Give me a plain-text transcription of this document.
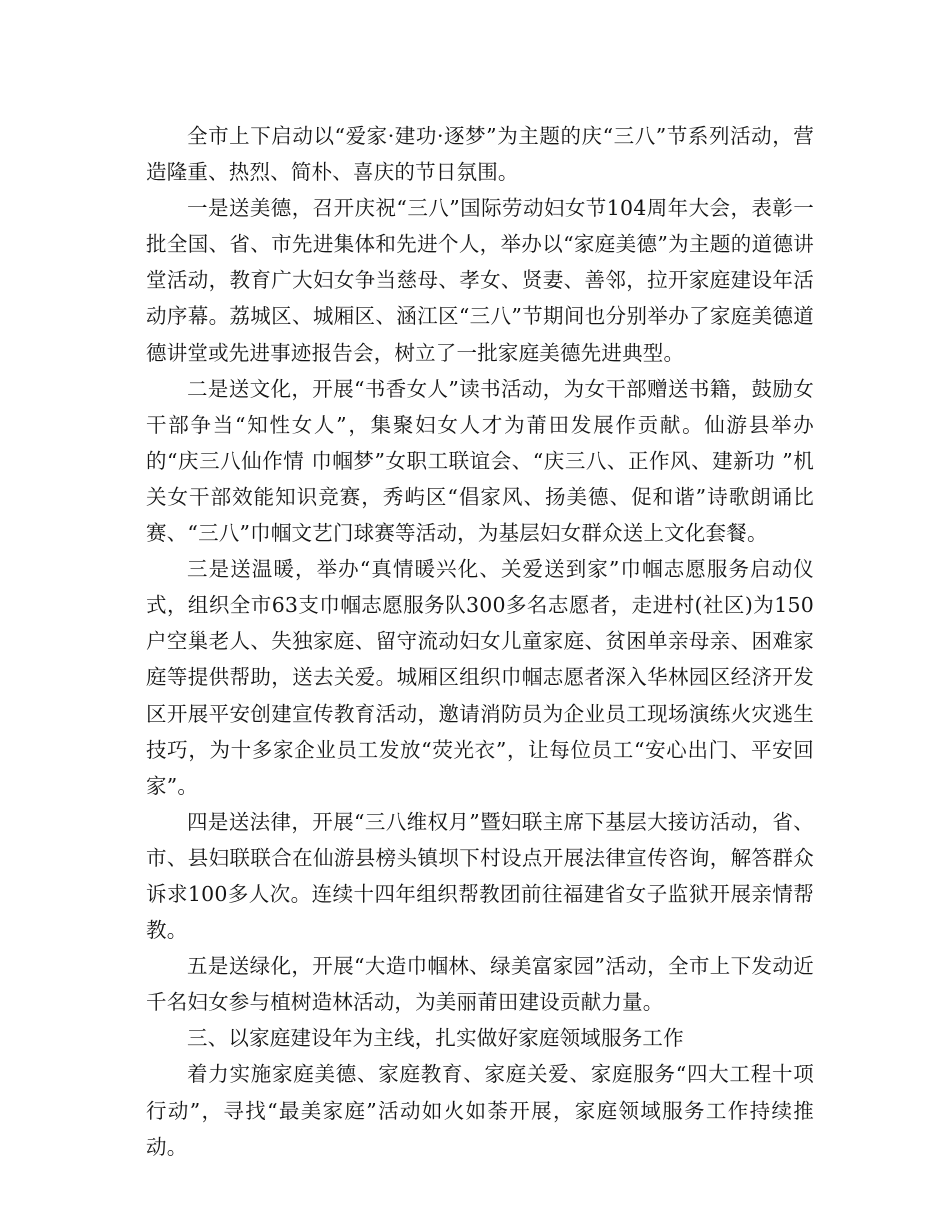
全市上下启动以“爱家·建功·逐梦”为主题的庆“三八”节系列活动，营造隆重、热烈、简朴、喜庆的节日氛围。

一是送美德，召开庆祝“三八”国际劳动妇女节104周年大会，表彰一批全国、省、市先进集体和先进个人，举办以“家庭美德”为主题的道德讲堂活动，教育广大妇女争当慈母、孝女、贤妻、善邻，拉开家庭建设年活动序幕。荔城区、城厢区、涵江区“三八”节期间也分别举办了家庭美德道德讲堂或先进事迹报告会，树立了一批家庭美德先进典型。

二是送文化，开展“书香女人”读书活动，为女干部赠送书籍，鼓励女干部争当“知性女人”，集聚妇女人才为莆田发展作贡献。仙游县举办的“庆三八仙作情 巾帼梦”女职工联谊会、“庆三八、正作风、建新功 ”机关女干部效能知识竞赛，秀屿区“倡家风、扬美德、促和谐”诗歌朗诵比赛、“三八”巾帼文艺门球赛等活动，为基层妇女群众送上文化套餐。

三是送温暖，举办“真情暖兴化、关爱送到家”巾帼志愿服务启动仪式，组织全市63支巾帼志愿服务队300多名志愿者，走进村(社区)为150户空巢老人、失独家庭、留守流动妇女儿童家庭、贫困单亲母亲、困难家庭等提供帮助，送去关爱。城厢区组织巾帼志愿者深入华林园区经济开发区开展平安创建宣传教育活动，邀请消防员为企业员工现场演练火灾逃生技巧，为十多家企业员工发放“荧光衣”，让每位员工“安心出门、平安回家”。

四是送法律，开展“三八维权月”暨妇联主席下基层大接访活动，省、市、县妇联联合在仙游县榜头镇坝下村设点开展法律宣传咨询，解答群众诉求100多人次。连续十四年组织帮教团前往福建省女子监狱开展亲情帮教。

五是送绿化，开展“大造巾帼林、绿美富家园”活动，全市上下发动近千名妇女参与植树造林活动，为美丽莆田建设贡献力量。

三、以家庭建设年为主线，扎实做好家庭领域服务工作

着力实施家庭美德、家庭教育、家庭关爱、家庭服务“四大工程十项行动”，寻找“最美家庭”活动如火如荼开展，家庭领域服务工作持续推动。
